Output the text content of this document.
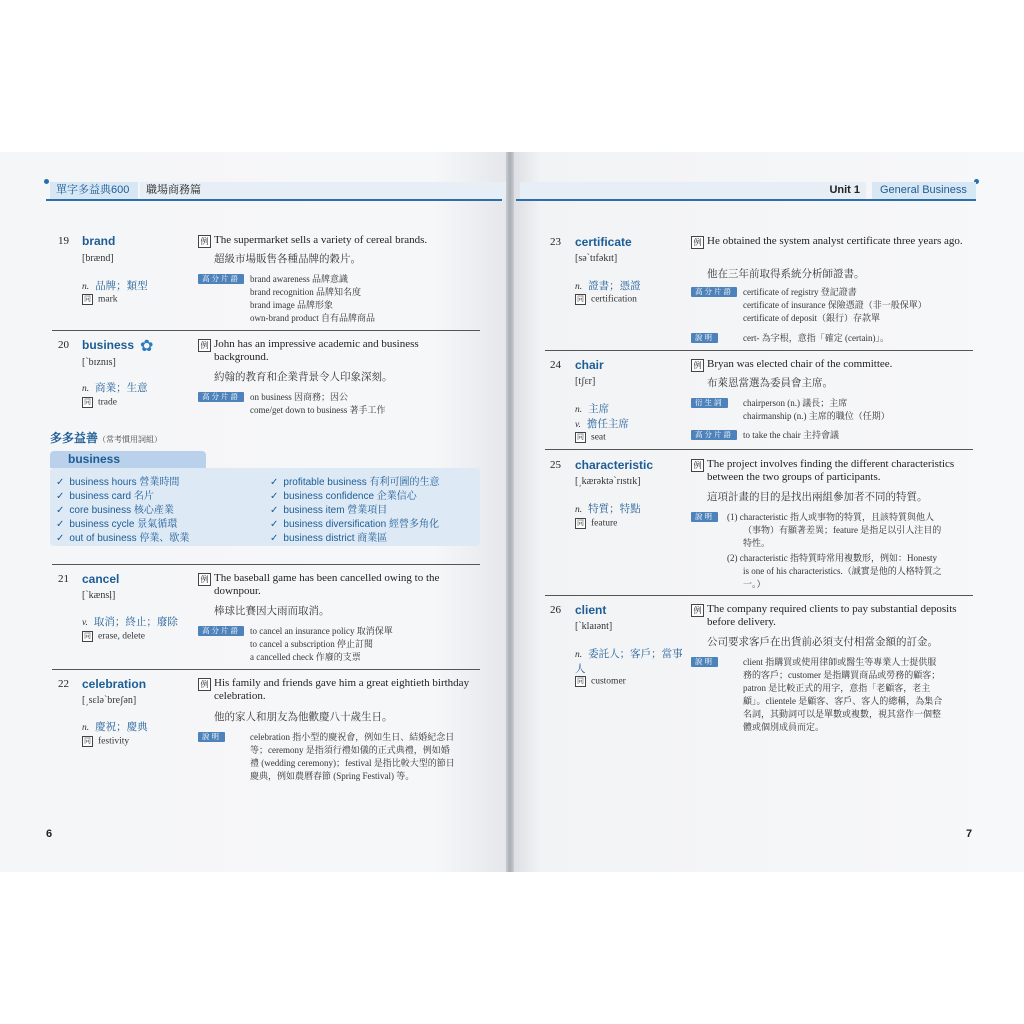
單字多益典600	職場商務篇	Unit 1	General Business
19 brand
[brænd]
n. 品牌；類型
同 mark
例 The supermarket sells a variety of cereal brands.
超級市場販售各種品牌的穀片。
高分片語	brand awareness 品牌意識
brand recognition 品牌知名度
brand image 品牌形象
own-brand product 自有品牌商品
20 business ✿
[ˋbɪznɪs]
n. 商業；生意
同 trade
例 John has an impressive academic and business background.
約翰的教育和企業背景令人印象深刻。
高分片語	on business 因商務；因公
come/get down to business 著手工作
多多益善（常考慣用詞組）
business
✓ business hours 營業時間
✓ business card 名片
✓ core business 核心產業
✓ business cycle 景氣循環
✓ out of business 停業、歇業
✓ profitable business 有利可圖的生意
✓ business confidence 企業信心
✓ business item 營業項目
✓ business diversification 經營多角化
✓ business district 商業區
21 cancel
[ˋkænsḷ]
v. 取消；終止；廢除
同 erase, delete
例 The baseball game has been cancelled owing to the downpour.
棒球比賽因大雨而取消。
高分片語	to cancel an insurance policy 取消保單
to cancel a subscription 停止訂閱
a cancelled check 作廢的支票
22 celebration
[͵sɛləˋbreʃən]
n. 慶祝；慶典
同 festivity
例 His family and friends gave him a great eightieth birthday celebration.
他的家人和朋友為他歡慶八十歲生日。
說明	celebration 指小型的慶祝會，例如生日、結婚紀念日
等；ceremony 是指須行禮如儀的正式典禮，例如婚
禮 (wedding ceremony)；festival 是指比較大型的節日
慶典，例如農曆春節 (Spring Festival) 等。
6
23 certificate
[səˋtɪfəkɪt]
n. 證書；憑證
同 certification
例 He obtained the system analyst certificate three years ago.
他在三年前取得系統分析師證書。
高分片語	certificate of registry 登記證書
certificate of insurance 保險憑證（非一般保單）
certificate of deposit（銀行）存款單
說明	cert- 為字根，意指「確定 (certain)」。
24 chair
[tʃɛr]
n. 主席
v. 擔任主席
同 seat
例 Bryan was elected chair of the committee.
布萊恩當選為委員會主席。
衍生詞	chairperson (n.) 議長；主席
chairmanship (n.) 主席的職位（任期）
高分片語	to take the chair 主持會議
25 characteristic
[͵kærəktəˋrɪstɪk]
n. 特質；特點
同 feature
例 The project involves finding the different characteristics between the two groups of participants.
這項計畫的目的是找出兩組參加者不同的特質。
說明	(1) characteristic 指人或事物的特質，且該特質與他人
（事物）有顯著差異；feature 是指足以引人注目的
特性。
(2) characteristic 指特質時常用複數形，例如：Honesty
is one of his characteristics.（誠實是他的人格特質之
一。）
26 client
[ˋklaɪənt]
n. 委託人；客戶；當事人
同 customer
例 The company required clients to pay substantial deposits before delivery.
公司要求客戶在出貨前必須支付相當金額的訂金。
說明	client 指購買或使用律師或醫生等專業人士提供服
務的客戶；customer 是指購買商品或勞務的顧客；
patron 是比較正式的用字，意指「老顧客，老主
顧」。clientele 是顧客、客戶、客人的總稱，為集合
名詞，其動詞可以是單數或複數，視其當作一個整
體或個別成員而定。
7
